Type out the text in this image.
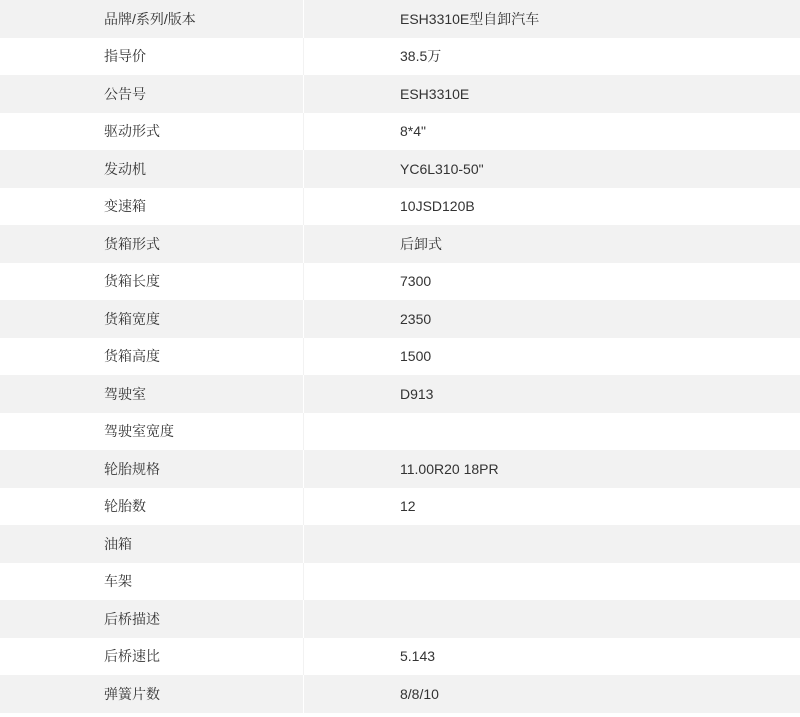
品牌/系列/版本	ESH3310E型自卸汽车
指导价	38.5万
公告号	ESH3310E
驱动形式	8*4"
发动机	YC6L310-50"
变速箱	10JSD120B
货箱形式	后卸式
货箱长度	7300
货箱宽度	2350
货箱高度	1500
驾驶室	D913
驾驶室宽度	
轮胎规格	11.00R20 18PR
轮胎数	12
油箱	
车架	
后桥描述	
后桥速比	5.143
弹簧片数	8/8/10
